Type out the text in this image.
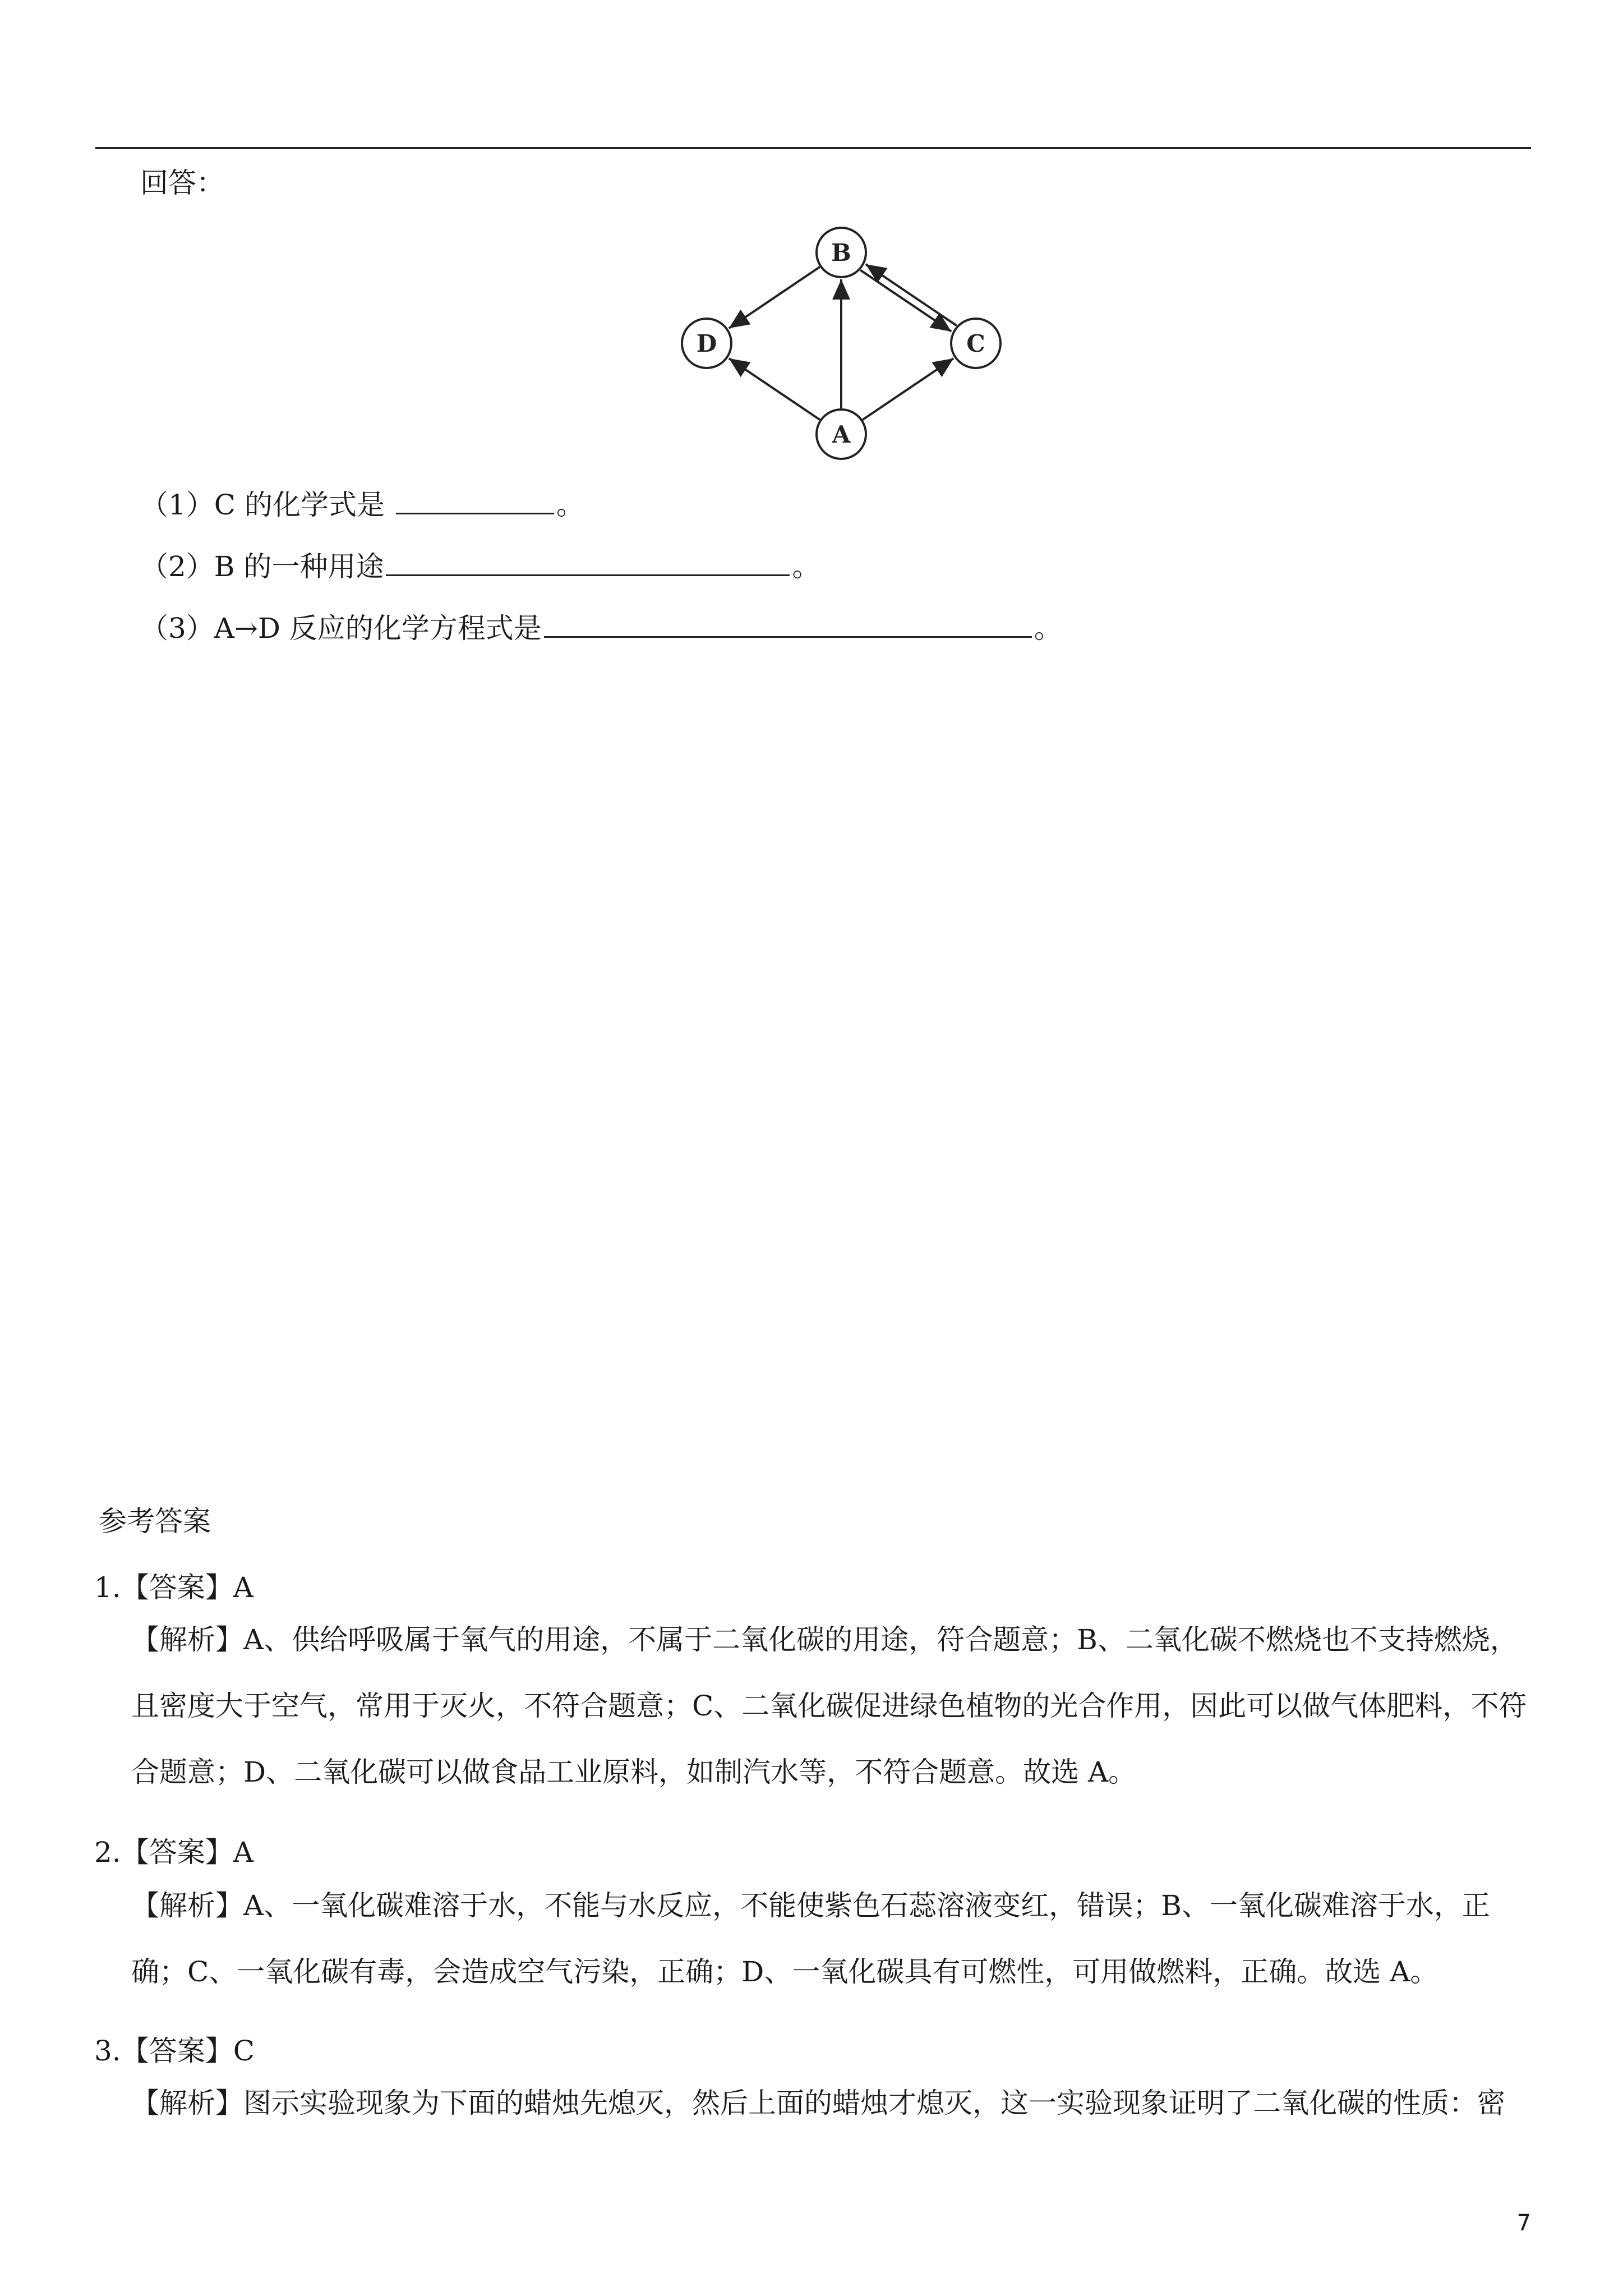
回答：
B
D	C
A
（1）C 的化学式是	。
（2）B 的一种用途	。
（3）A→D 反应的化学方程式是	。
参考答案
1.【答案】A
【解析】A、供给呼吸属于氧气的用途，不属于二氧化碳的用途，符合题意；B、二氧化碳不燃烧也不支持燃烧，且密度大于空气，常用于灭火，不符合题意；C、二氧化碳促进绿色植物的光合作用，因此可以做气体肥料，不符合题意；D、二氧化碳可以做食品工业原料，如制汽水等，不符合题意。故选 A。
2.【答案】A
【解析】A、一氧化碳难溶于水，不能与水反应，不能使紫色石蕊溶液变红，错误；B、一氧化碳难溶于水，正确；C、一氧化碳有毒，会造成空气污染，正确；D、一氧化碳具有可燃性，可用做燃料，正确。故选 A。
3.【答案】C
【解析】图示实验现象为下面的蜡烛先熄灭，然后上面的蜡烛才熄灭，这一实验现象证明了二氧化碳的性质：密
7
